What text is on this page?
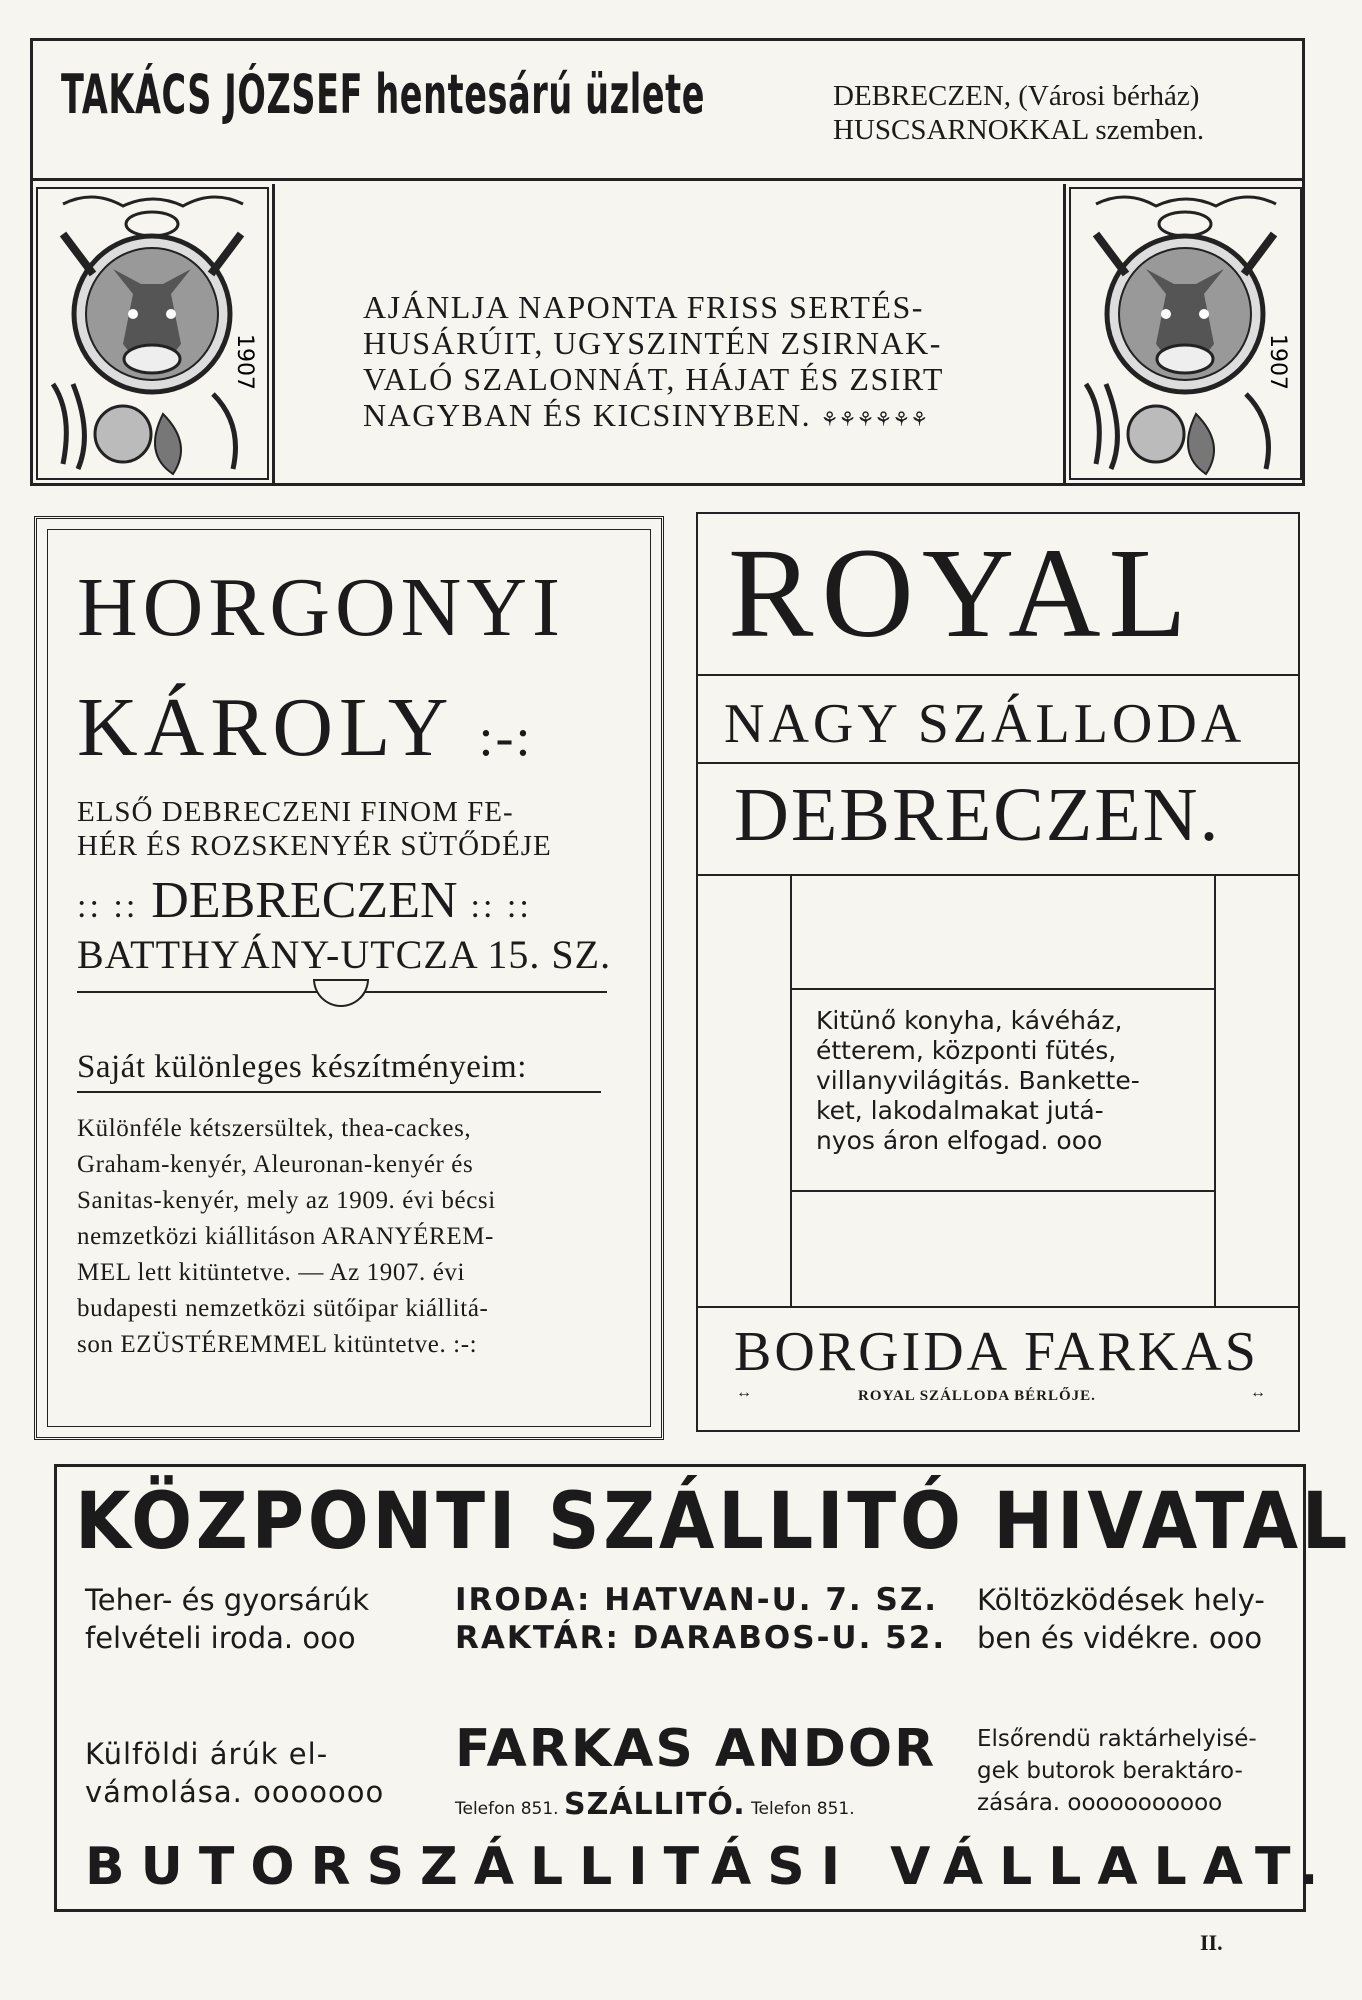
TAKÁCS JÓZSEF hentesárú üzlete	DEBRECZEN, (Városi bérház)
HUSCSARNOKKAL szemben.
1907
AJÁNLJA NAPONTA FRISS SERTÉS-
HUSÁRÚIT, UGYSZINTÉN ZSIRNAK-
VALÓ SZALONNÁT, HÁJAT ÉS ZSIRT
NAGYBAN ÉS KICSINYBEN. ⚘⚘⚘⚘⚘⚘
1907
HORGONYI
KÁROLY :-:
ELSŐ DEBRECZENI FINOM FE-
HÉR ÉS ROZSKENYÉR SÜTŐDÉJE
:: :: DEBRECZEN :: ::
BATTHYÁNY-UTCZA 15. SZ.
Saját különleges készítményeim:

Különféle kétszersültek, thea-cackes,

Graham-kenyér, Aleuronan-kenyér és

Sanitas-kenyér, mely az 1909. évi bécsi

nemzetközi kiállitáson ARANYÉREM-

MEL lett kitüntetve. — Az 1907. évi

budapesti nemzetközi sütőipar kiállitá-

son EZÜSTÉREMMEL kitüntetve. :-:

ROYAL
NAGY SZÁLLODA
DEBRECZEN.

Kitünő konyha, kávéház,

étterem, központi fütés,

villanyvilágitás. Bankette-

ket, lakodalmakat jutá-

nyos áron elfogad. ooo

BORGIDA FARKAS
↔	ROYAL SZÁLLODA BÉRLŐJE.	↔
KÖZPONTI SZÁLLITÓ HIVATAL
Teher- és gyorsárúk
felvételi iroda. ooo
IRODA: HATVAN-U. 7. SZ.
RAKTÁR: DARABOS-U. 52.
Költözködések hely-
ben és vidékre. ooo
Külföldi árúk el-
vámolása. ooooooo
FARKAS ANDOR
Telefon 851. SZÁLLITÓ. Telefon 851.
Elsőrendü raktárhelyisé-
gek butorok beraktáro-
zására. ooooooooooo
BUTORSZÁLLITÁSI VÁLLALAT.
II.
